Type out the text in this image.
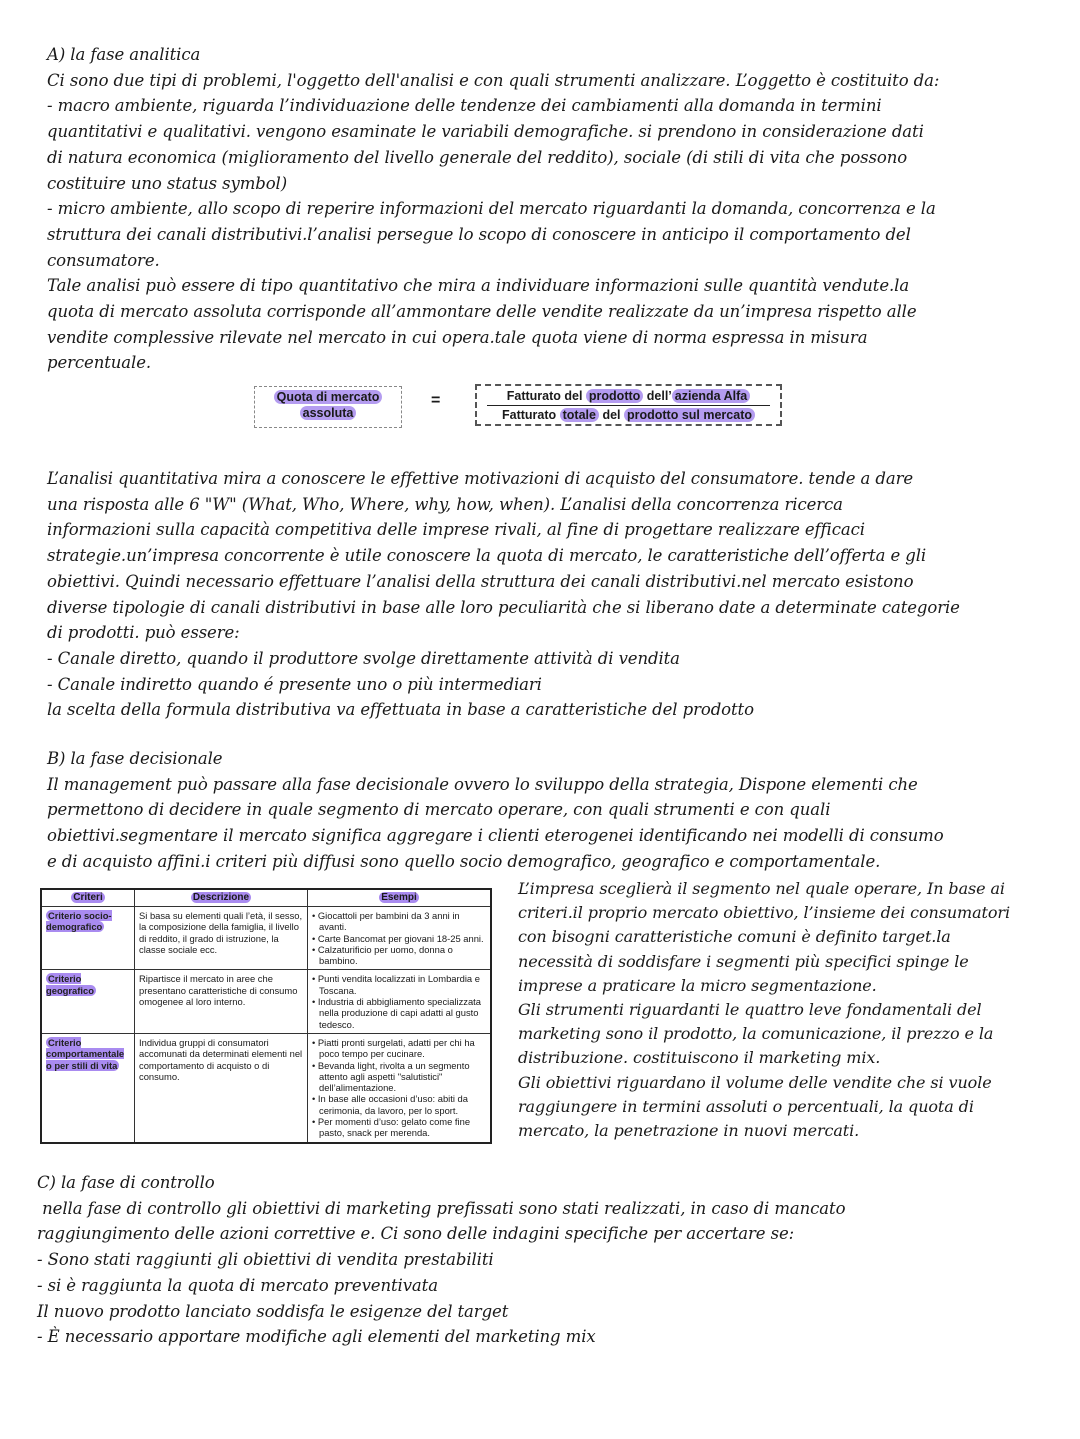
A) la fase analitica
Ci sono due tipi di problemi, l'oggetto dell'analisi e con quali strumenti analizzare. L’oggetto è costituito da:
- macro ambiente, riguarda l’individuazione delle tendenze dei cambiamenti alla domanda in termini
quantitativi e qualitativi. vengono esaminate le variabili demografiche. si prendono in considerazione dati
di natura economica (miglioramento del livello generale del reddito), sociale (di stili di vita che possono
costituire uno status symbol)
- micro ambiente, allo scopo di reperire informazioni del mercato riguardanti la domanda, concorrenza e la
struttura dei canali distributivi.l’analisi persegue lo scopo di conoscere in anticipo il comportamento del
consumatore.
Tale analisi può essere di tipo quantitativo che mira a individuare informazioni sulle quantità vendute.la
quota di mercato assoluta corrisponde all’ammontare delle vendite realizzate da un’impresa rispetto alle
vendite complessive rilevate nel mercato in cui opera.tale quota viene di norma espressa in misura
percentuale.
Quota di mercato
assoluta
=	Fatturato del prodotto dell’ azienda Alfa
Fatturato totale del prodotto sul mercato
L’analisi quantitativa mira a conoscere le effettive motivazioni di acquisto del consumatore. tende a dare
una risposta alle 6 "W" (What, Who, Where, why, how, when). L’analisi della concorrenza ricerca
informazioni sulla capacità competitiva delle imprese rivali, al fine di progettare realizzare efficaci
strategie.un’impresa concorrente è utile conoscere la quota di mercato, le caratteristiche dell’offerta e gli
obiettivi. Quindi necessario effettuare l’analisi della struttura dei canali distributivi.nel mercato esistono
diverse tipologie di canali distributivi in base alle loro peculiarità che si liberano date a determinate categorie
di prodotti. può essere:
- Canale diretto, quando il produttore svolge direttamente attività di vendita
- Canale indiretto quando é presente uno o più intermediari
la scelta della formula distributiva va effettuata in base a caratteristiche del prodotto
B) la fase decisionale
Il management può passare alla fase decisionale ovvero lo sviluppo della strategia, Dispone elementi che
permettono di decidere in quale segmento di mercato operare, con quali strumenti e con quali
obiettivi.segmentare il mercato significa aggregare i clienti eterogenei identificando nei modelli di consumo
e di acquisto affini.i criteri più diffusi sono quello socio demografico, geografico e comportamentale.
Criteri	Descrizione	Esempi
Criterio socio-demografico	Si basa su elementi quali l’età, il sesso, la composizione della famiglia, il livello di reddito, il grado di istruzione, la classe sociale ecc.	• Giocattoli per bambini da 3 anni in avanti.
• Carte Bancomat per giovani 18-25 anni.
• Calzaturificio per uomo, donna o bambino.

Criterio geografico	Ripartisce il mercato in aree che presentano caratteristiche di consumo omogenee al loro interno.	• Punti vendita localizzati in Lombardia e Toscana.
• Industria di abbigliamento specializzata nella produzione di capi adatti al gusto tedesco.

Criterio comportamentale o per stili di vita	Individua gruppi di consumatori accomunati da determinati elementi nel comportamento di acquisto o di consumo.	• Piatti pronti surgelati, adatti per chi ha poco tempo per cucinare.
• Bevanda light, rivolta a un segmento attento agli aspetti "salutistici" dell’alimentazione.
• In base alle occasioni d’uso: abiti da cerimonia, da lavoro, per lo sport.
• Per momenti d’uso: gelato come fine pasto, snack per merenda.
L’impresa sceglierà il segmento nel quale operare, In base ai
criteri.il proprio mercato obiettivo, l’insieme dei consumatori
con bisogni caratteristiche comuni è definito target.la
necessità di soddisfare i segmenti più specifici spinge le
imprese a praticare la micro segmentazione.
Gli strumenti riguardanti le quattro leve fondamentali del
marketing sono il prodotto, la comunicazione, il prezzo e la
distribuzione. costituiscono il marketing mix.
Gli obiettivi riguardano il volume delle vendite che si vuole
raggiungere in termini assoluti o percentuali, la quota di
mercato, la penetrazione in nuovi mercati.
C) la fase di controllo
nella fase di controllo gli obiettivi di marketing prefissati sono stati realizzati, in caso di mancato
raggiungimento delle azioni correttive e. Ci sono delle indagini specifiche per accertare se:
- Sono stati raggiunti gli obiettivi di vendita prestabiliti
- si è raggiunta la quota di mercato preventivata
Il nuovo prodotto lanciato soddisfa le esigenze del target
- È necessario apportare modifiche agli elementi del marketing mix
